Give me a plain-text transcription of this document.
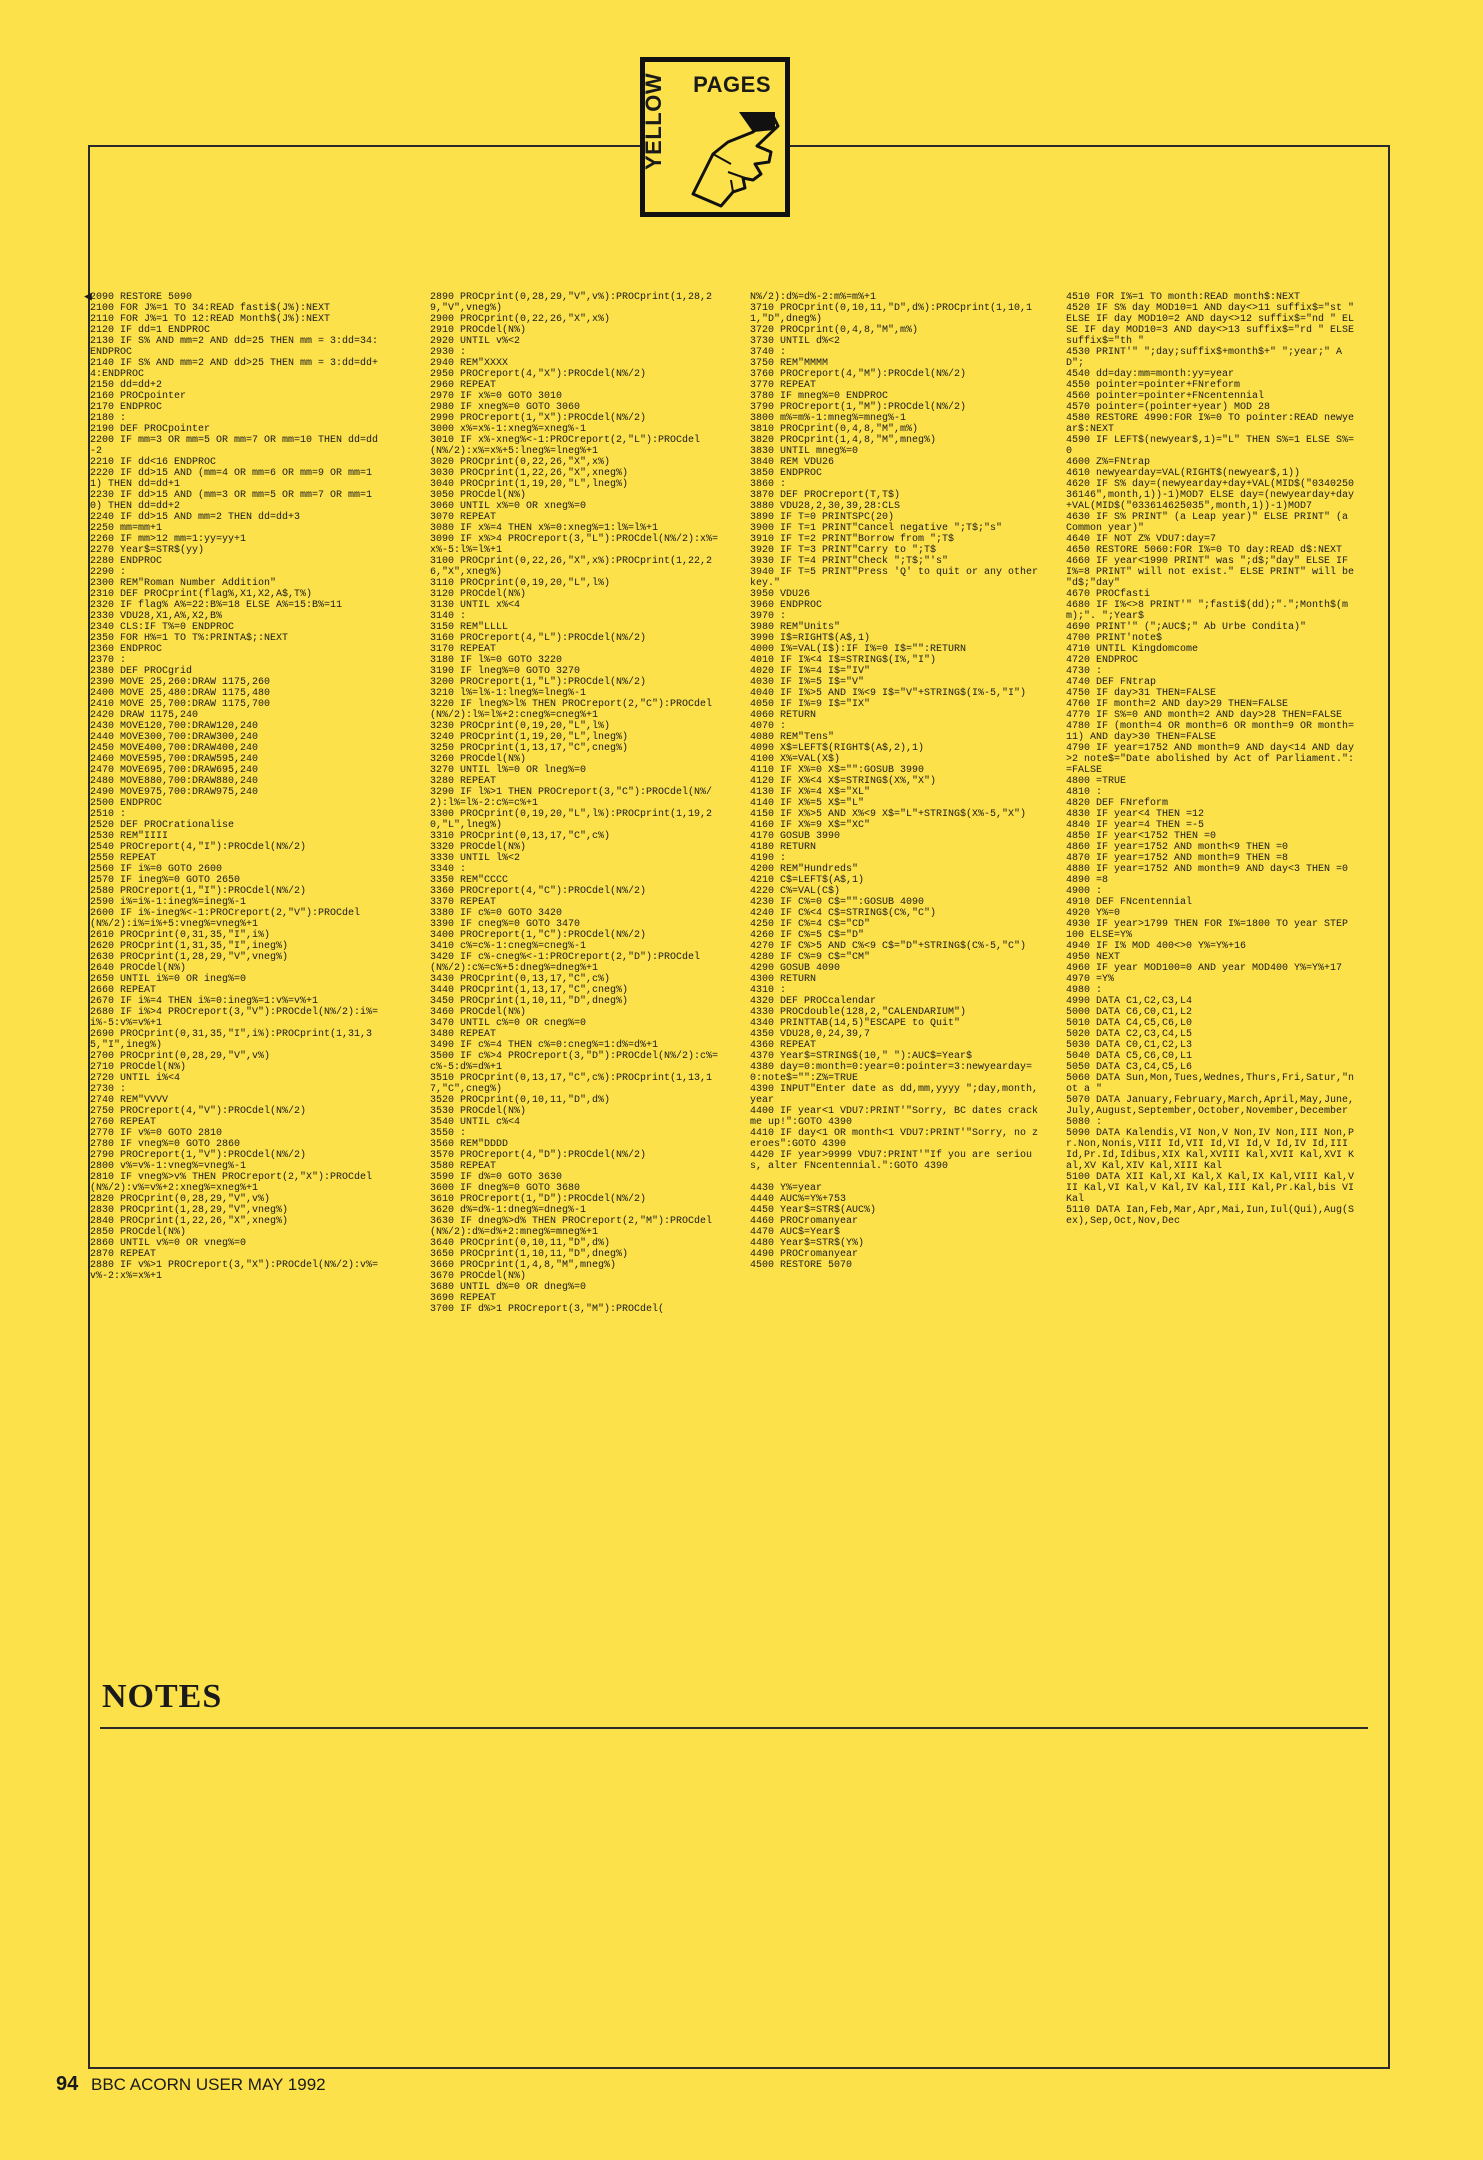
PAGES
YELLOW
◀
2090 RESTORE 5090
2100 FOR J%=1 TO 34:READ fasti$(J%):NEXT
2110 FOR J%=1 TO 12:READ Month$(J%):NEXT
2120 IF dd=1 ENDPROC
2130 IF S% AND mm=2 AND dd=25 THEN mm = 3:dd=34:ENDPROC
2140 IF S% AND mm=2 AND dd>25 THEN mm = 3:dd=dd+4:ENDPROC
2150 dd=dd+2
2160 PROCpointer
2170 ENDPROC
2180 :
2190 DEF PROCpointer
2200 IF mm=3 OR mm=5 OR mm=7 OR mm=10 THEN dd=dd-2
2210 IF dd<16 ENDPROC
2220 IF dd>15 AND (mm=4 OR mm=6 OR mm=9 OR mm=11) THEN dd=dd+1
2230 IF dd>15 AND (mm=3 OR mm=5 OR mm=7 OR mm=10) THEN dd=dd+2
2240 IF dd>15 AND mm=2 THEN dd=dd+3
2250 mm=mm+1
2260 IF mm>12 mm=1:yy=yy+1
2270 Year$=STR$(yy)
2280 ENDPROC
2290 :
2300 REM"Roman Number Addition"
2310 DEF PROCprint(flag%,X1,X2,A$,T%)
2320 IF flag% A%=22:B%=18 ELSE A%=15:B%=11
2330 VDU28,X1,A%,X2,B%
2340 CLS:IF T%=0 ENDPROC
2350 FOR H%=1 TO T%:PRINTA$;:NEXT
2360 ENDPROC
2370 :
2380 DEF PROCgrid
2390 MOVE 25,260:DRAW 1175,260
2400 MOVE 25,480:DRAW 1175,480
2410 MOVE 25,700:DRAW 1175,700
2420 DRAW 1175,240
2430 MOVE120,700:DRAW120,240
2440 MOVE300,700:DRAW300,240
2450 MOVE400,700:DRAW400,240
2460 MOVE595,700:DRAW595,240
2470 MOVE695,700:DRAW695,240
2480 MOVE880,700:DRAW880,240
2490 MOVE975,700:DRAW975,240
2500 ENDPROC
2510 :
2520 DEF PROCrationalise
2530 REM"IIII
2540 PROCreport(4,"I"):PROCdel(N%/2)
2550 REPEAT
2560 IF i%=0 GOTO 2600
2570 IF ineg%=0 GOTO 2650
2580 PROCreport(1,"I"):PROCdel(N%/2)
2590 i%=i%-1:ineg%=ineg%-1
2600 IF i%-ineg%<-1:PROCreport(2,"V"):PROCdel(N%/2):i%=i%+5:vneg%=vneg%+1
2610 PROCprint(0,31,35,"I",i%)
2620 PROCprint(1,31,35,"I",ineg%)
2630 PROCprint(1,28,29,"V",vneg%)
2640 PROCdel(N%)
2650 UNTIL i%=0 OR ineg%=0
2660 REPEAT
2670 IF i%=4 THEN i%=0:ineg%=1:v%=v%+1
2680 IF i%>4 PROCreport(3,"V"):PROCdel(N%/2):i%=i%-5:v%=v%+1
2690 PROCprint(0,31,35,"I",i%):PROCprint(1,31,35,"I",ineg%)
2700 PROCprint(0,28,29,"V",v%)
2710 PROCdel(N%)
2720 UNTIL i%<4
2730 :
2740 REM"VVVV
2750 PROCreport(4,"V"):PROCdel(N%/2)
2760 REPEAT
2770 IF v%=0 GOTO 2810
2780 IF vneg%=0 GOTO 2860
2790 PROCreport(1,"V"):PROCdel(N%/2)
2800 v%=v%-1:vneg%=vneg%-1
2810 IF vneg%>v% THEN PROCreport(2,"X"):PROCdel(N%/2):v%=v%+2:xneg%=xneg%+1
2820 PROCprint(0,28,29,"V",v%)
2830 PROCprint(1,28,29,"V",vneg%)
2840 PROCprint(1,22,26,"X",xneg%)
2850 PROCdel(N%)
2860 UNTIL v%=0 OR vneg%=0
2870 REPEAT
2880 IF v%>1 PROCreport(3,"X"):PROCdel(N%/2):v%=v%-2:x%=x%+1
2890 PROCprint(0,28,29,"V",v%):PROCprint(1,28,29,"V",vneg%)
2900 PROCprint(0,22,26,"X",x%)
2910 PROCdel(N%)
2920 UNTIL v%<2
2930 :
2940 REM"XXXX
2950 PROCreport(4,"X"):PROCdel(N%/2)
2960 REPEAT
2970 IF x%=0 GOTO 3010
2980 IF xneg%=0 GOTO 3060
2990 PROCreport(1,"X"):PROCdel(N%/2)
3000 x%=x%-1:xneg%=xneg%-1
3010 IF x%-xneg%<-1:PROCreport(2,"L"):PROCdel(N%/2):x%=x%+5:lneg%=lneg%+1
3020 PROCprint(0,22,26,"X",x%)
3030 PROCprint(1,22,26,"X",xneg%)
3040 PROCprint(1,19,20,"L",lneg%)
3050 PROCdel(N%)
3060 UNTIL x%=0 OR xneg%=0
3070 REPEAT
3080 IF x%=4 THEN x%=0:xneg%=1:l%=l%+1
3090 IF x%>4 PROCreport(3,"L"):PROCdel(N%/2):x%=x%-5:l%=l%+1
3100 PROCprint(0,22,26,"X",x%):PROCprint(1,22,26,"X",xneg%)
3110 PROCprint(0,19,20,"L",l%)
3120 PROCdel(N%)
3130 UNTIL x%<4
3140 :
3150 REM"LLLL
3160 PROCreport(4,"L"):PROCdel(N%/2)
3170 REPEAT
3180 IF l%=0 GOTO 3220
3190 IF lneg%=0 GOTO 3270
3200 PROCreport(1,"L"):PROCdel(N%/2)
3210 l%=l%-1:lneg%=lneg%-1
3220 IF lneg%>l% THEN PROCreport(2,"C"):PROCdel(N%/2):l%=l%+2:cneg%=cneg%+1
3230 PROCprint(0,19,20,"L",l%)
3240 PROCprint(1,19,20,"L",lneg%)
3250 PROCprint(1,13,17,"C",cneg%)
3260 PROCdel(N%)
3270 UNTIL l%=0 OR lneg%=0
3280 REPEAT
3290 IF l%>1 THEN PROCreport(3,"C"):PROCdel(N%/2):l%=l%-2:c%=c%+1
3300 PROCprint(0,19,20,"L",l%):PROCprint(1,19,20,"L",lneg%)
3310 PROCprint(0,13,17,"C",c%)
3320 PROCdel(N%)
3330 UNTIL l%<2
3340 :
3350 REM"CCCC
3360 PROCreport(4,"C"):PROCdel(N%/2)
3370 REPEAT
3380 IF c%=0 GOTO 3420
3390 IF cneg%=0 GOTO 3470
3400 PROCreport(1,"C"):PROCdel(N%/2)
3410 c%=c%-1:cneg%=cneg%-1
3420 IF c%-cneg%<-1:PROCreport(2,"D"):PROCdel(N%/2):c%=c%+5:dneg%=dneg%+1
3430 PROCprint(0,13,17,"C",c%)
3440 PROCprint(1,13,17,"C",cneg%)
3450 PROCprint(1,10,11,"D",dneg%)
3460 PROCdel(N%)
3470 UNTIL c%=0 OR cneg%=0
3480 REPEAT
3490 IF c%=4 THEN c%=0:cneg%=1:d%=d%+1
3500 IF c%>4 PROCreport(3,"D"):PROCdel(N%/2):c%=c%-5:d%=d%+1
3510 PROCprint(0,13,17,"C",c%):PROCprint(1,13,17,"C",cneg%)
3520 PROCprint(0,10,11,"D",d%)
3530 PROCdel(N%)
3540 UNTIL c%<4
3550 :
3560 REM"DDDD
3570 PROCreport(4,"D"):PROCdel(N%/2)
3580 REPEAT
3590 IF d%=0 GOTO 3630
3600 IF dneg%=0 GOTO 3680
3610 PROCreport(1,"D"):PROCdel(N%/2)
3620 d%=d%-1:dneg%=dneg%-1
3630 IF dneg%>d% THEN PROCreport(2,"M"):PROCdel(N%/2):d%=d%+2:mneg%=mneg%+1
3640 PROCprint(0,10,11,"D",d%)
3650 PROCprint(1,10,11,"D",dneg%)
3660 PROCprint(1,4,8,"M",mneg%)
3670 PROCdel(N%)
3680 UNTIL d%=0 OR dneg%=0
3690 REPEAT
3700 IF d%>1 PROCreport(3,"M"):PROCdel(
N%/2):d%=d%-2:m%=m%+1
3710 PROCprint(0,10,11,"D",d%):PROCprint(1,10,11,"D",dneg%)
3720 PROCprint(0,4,8,"M",m%)
3730 UNTIL d%<2
3740 :
3750 REM"MMMM
3760 PROCreport(4,"M"):PROCdel(N%/2)
3770 REPEAT
3780 IF mneg%=0 ENDPROC
3790 PROCreport(1,"M"):PROCdel(N%/2)
3800 m%=m%-1:mneg%=mneg%-1
3810 PROCprint(0,4,8,"M",m%)
3820 PROCprint(1,4,8,"M",mneg%)
3830 UNTIL mneg%=0
3840 REM VDU26
3850 ENDPROC
3860 :
3870 DEF PROCreport(T,T$)
3880 VDU28,2,30,39,28:CLS
3890 IF T=0 PRINTSPC(20)
3900 IF T=1 PRINT"Cancel negative ";T$;"s"
3910 IF T=2 PRINT"Borrow from ";T$
3920 IF T=3 PRINT"Carry to ";T$
3930 IF T=4 PRINT"Check ";T$;"'s"
3940 IF T=5 PRINT"Press 'Q' to quit or any other key."
3950 VDU26
3960 ENDPROC
3970 :
3980 REM"Units"
3990 I$=RIGHT$(A$,1)
4000 I%=VAL(I$):IF I%=0 I$="":RETURN
4010 IF I%<4 I$=STRING$(I%,"I")
4020 IF I%=4 I$="IV"
4030 IF I%=5 I$="V"
4040 IF I%>5 AND I%<9 I$="V"+STRING$(I%-5,"I")
4050 IF I%=9 I$="IX"
4060 RETURN
4070 :
4080 REM"Tens"
4090 X$=LEFT$(RIGHT$(A$,2),1)
4100 X%=VAL(X$)
4110 IF X%=0 X$="":GOSUB 3990
4120 IF X%<4 X$=STRING$(X%,"X")
4130 IF X%=4 X$="XL"
4140 IF X%=5 X$="L"
4150 IF X%>5 AND X%<9 X$="L"+STRING$(X%-5,"X")
4160 IF X%=9 X$="XC"
4170 GOSUB 3990
4180 RETURN
4190 :
4200 REM"Hundreds"
4210 C$=LEFT$(A$,1)
4220 C%=VAL(C$)
4230 IF C%=0 C$="":GOSUB 4090
4240 IF C%<4 C$=STRING$(C%,"C")
4250 IF C%=4 C$="CD"
4260 IF C%=5 C$="D"
4270 IF C%>5 AND C%<9 C$="D"+STRING$(C%-5,"C")
4280 IF C%=9 C$="CM"
4290 GOSUB 4090
4300 RETURN
4310 :
4320 DEF PROCcalendar
4330 PROCdouble(128,2,"CALENDARIUM")
4340 PRINTTAB(14,5)"ESCAPE to Quit"
4350 VDU28,0,24,39,7
4360 REPEAT
4370 Year$=STRING$(10," "):AUC$=Year$
4380 day=0:month=0:year=0:pointer=3:newyearday=0:note$="":Z%=TRUE
4390 INPUT"Enter date as dd,mm,yyyy ";day,month,year
4400 IF year<1 VDU7:PRINT'"Sorry, BC dates crack me up!":GOTO 4390
4410 IF day<1 OR month<1 VDU7:PRINT'"Sorry, no zeroes":GOTO 4390
4420 IF year>9999 VDU7:PRINT'"If you are serious, alter FNcentennial.":GOTO 4390

4430 Y%=year
4440 AUC%=Y%+753
4450 Year$=STR$(AUC%)
4460 PROCromanyear
4470 AUC$=Year$
4480 Year$=STR$(Y%)
4490 PROCromanyear
4500 RESTORE 5070
4510 FOR I%=1 TO month:READ month$:NEXT
4520 IF S% day MOD10=1 AND day<>11 suffix$="st " ELSE IF day MOD10=2 AND day<>12 suffix$="nd " ELSE IF day MOD10=3 AND day<>13 suffix$="rd " ELSE suffix$="th "
4530 PRINT'" ";day;suffix$+month$+" ";year;" AD";
4540 dd=day:mm=month:yy=year
4550 pointer=pointer+FNreform
4560 pointer=pointer+FNcentennial
4570 pointer=(pointer+year) MOD 28
4580 RESTORE 4990:FOR I%=0 TO pointer:READ newyear$:NEXT
4590 IF LEFT$(newyear$,1)="L" THEN S%=1 ELSE S%=0
4600 Z%=FNtrap
4610 newyearday=VAL(RIGHT$(newyear$,1))
4620 IF S% day=(newyearday+day+VAL(MID$("034025036146",month,1))-1)MOD7 ELSE day=(newyearday+day+VAL(MID$("033614625035",month,1))-1)MOD7
4630 IF S% PRINT" (a Leap year)" ELSE PRINT" (a Common year)"
4640 IF NOT Z% VDU7:day=7
4650 RESTORE 5060:FOR I%=0 TO day:READ d$:NEXT
4660 IF year<1990 PRINT" was ";d$;"day" ELSE IF I%=8 PRINT" will not exist." ELSE PRINT" will be "d$;"day"
4670 PROCfasti
4680 IF I%<>8 PRINT'" ";fasti$(dd);".";Month$(mm);". ";Year$
4690 PRINT'" (";AUC$;" Ab Urbe Condita)"
4700 PRINT'note$
4710 UNTIL Kingdomcome
4720 ENDPROC
4730 :
4740 DEF FNtrap
4750 IF day>31 THEN=FALSE
4760 IF month=2 AND day>29 THEN=FALSE
4770 IF S%=0 AND month=2 AND day>28 THEN=FALSE
4780 IF (month=4 OR month=6 OR month=9 OR month=11) AND day>30 THEN=FALSE
4790 IF year=1752 AND month=9 AND day<14 AND day>2 note$="Date abolished by Act of Parliament.":=FALSE
4800 =TRUE
4810 :
4820 DEF FNreform
4830 IF year<4 THEN =12
4840 IF year=4 THEN =-5
4850 IF year<1752 THEN =0
4860 IF year=1752 AND month<9 THEN =0
4870 IF year=1752 AND month=9 THEN =8
4880 IF year=1752 AND month=9 AND day<3 THEN =0
4890 =8
4900 :
4910 DEF FNcentennial
4920 Y%=0
4930 IF year>1799 THEN FOR I%=1800 TO year STEP 100 ELSE=Y%
4940 IF I% MOD 400<>0 Y%=Y%+16
4950 NEXT
4960 IF year MOD100=0 AND year MOD400 Y%=Y%+17
4970 =Y%
4980 :
4990 DATA C1,C2,C3,L4
5000 DATA C6,C0,C1,L2
5010 DATA C4,C5,C6,L0
5020 DATA C2,C3,C4,L5
5030 DATA C0,C1,C2,L3
5040 DATA C5,C6,C0,L1
5050 DATA C3,C4,C5,L6
5060 DATA Sun,Mon,Tues,Wednes,Thurs,Fri,Satur,"not a "
5070 DATA January,February,March,April,May,June,July,August,September,October,November,December
5080 :
5090 DATA Kalendis,VI Non,V Non,IV Non,III Non,Pr.Non,Nonis,VIII Id,VII Id,VI Id,V Id,IV Id,III Id,Pr.Id,Idibus,XIX Kal,XVIII Kal,XVII Kal,XVI Kal,XV Kal,XIV Kal,XIII Kal
5100 DATA XII Kal,XI Kal,X Kal,IX Kal,VIII Kal,VII Kal,VI Kal,V Kal,IV Kal,III Kal,Pr.Kal,bis VI Kal
5110 DATA Ian,Feb,Mar,Apr,Mai,Iun,Iul(Qui),Aug(Sex),Sep,Oct,Nov,Dec
NOTES
94 BBC ACORN USER MAY 1992
